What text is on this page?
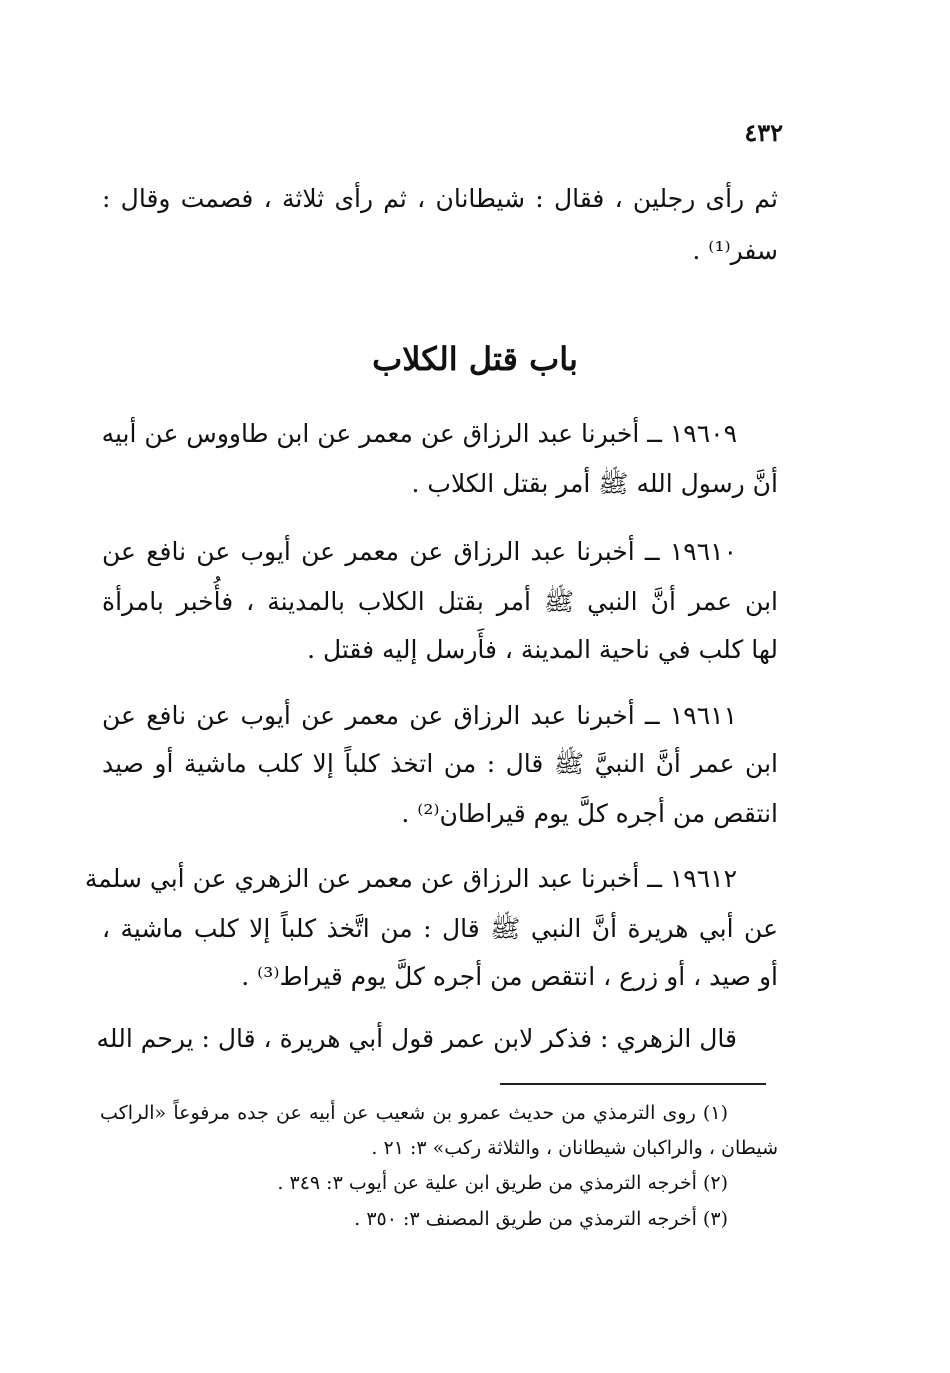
٤٣٢
ثم رأى رجلين ، فقال : شيطانان ، ثم رأى ثلاثة ، فصمت وقال :
سفر⁽¹⁾ .
باب قتل الكلاب
١٩٦٠٩ ــ أخبرنا عبد الرزاق عن معمر عن ابن طاووس عن أبيه
أنَّ رسول الله ﷺ أمر بقتل الكلاب .
١٩٦١٠ ــ أخبرنا عبد الرزاق عن معمر عن أيوب عن نافع عن
ابن عمر أنَّ النبي ﷺ أمر بقتل الكلاب بالمدينة ، فأُخبر بامرأة
لها كلب في ناحية المدينة ، فأَرسل إليه فقتل .
١٩٦١١ ــ أخبرنا عبد الرزاق عن معمر عن أيوب عن نافع عن
ابن عمر أنَّ النبيَّ ﷺ قال : من اتخذ كلباً إلا كلب ماشية أو صيد
انتقص من أجره كلَّ يوم قيراطان⁽²⁾ .
١٩٦١٢ ــ أخبرنا عبد الرزاق عن معمر عن الزهري عن أبي سلمة
عن أبي هريرة أنَّ النبي ﷺ قال : من اتَّخذ كلباً إلا كلب ماشية ،
أو صيد ، أو زرع ، انتقص من أجره كلَّ يوم قيراط⁽³⁾ .
قال الزهري : فذكر لابن عمر قول أبي هريرة ، قال : يرحم الله
(١) روى الترمذي من حديث عمرو بن شعيب عن أبيه عن جده مرفوعاً «الراكب
شيطان ، والراكبان شيطانان ، والثلاثة ركب» ٣: ٢١ .
(٢) أخرجه الترمذي من طريق ابن علية عن أيوب ٣: ٣٤٩ .
(٣) أخرجه الترمذي من طريق المصنف ٣: ٣٥٠ .
